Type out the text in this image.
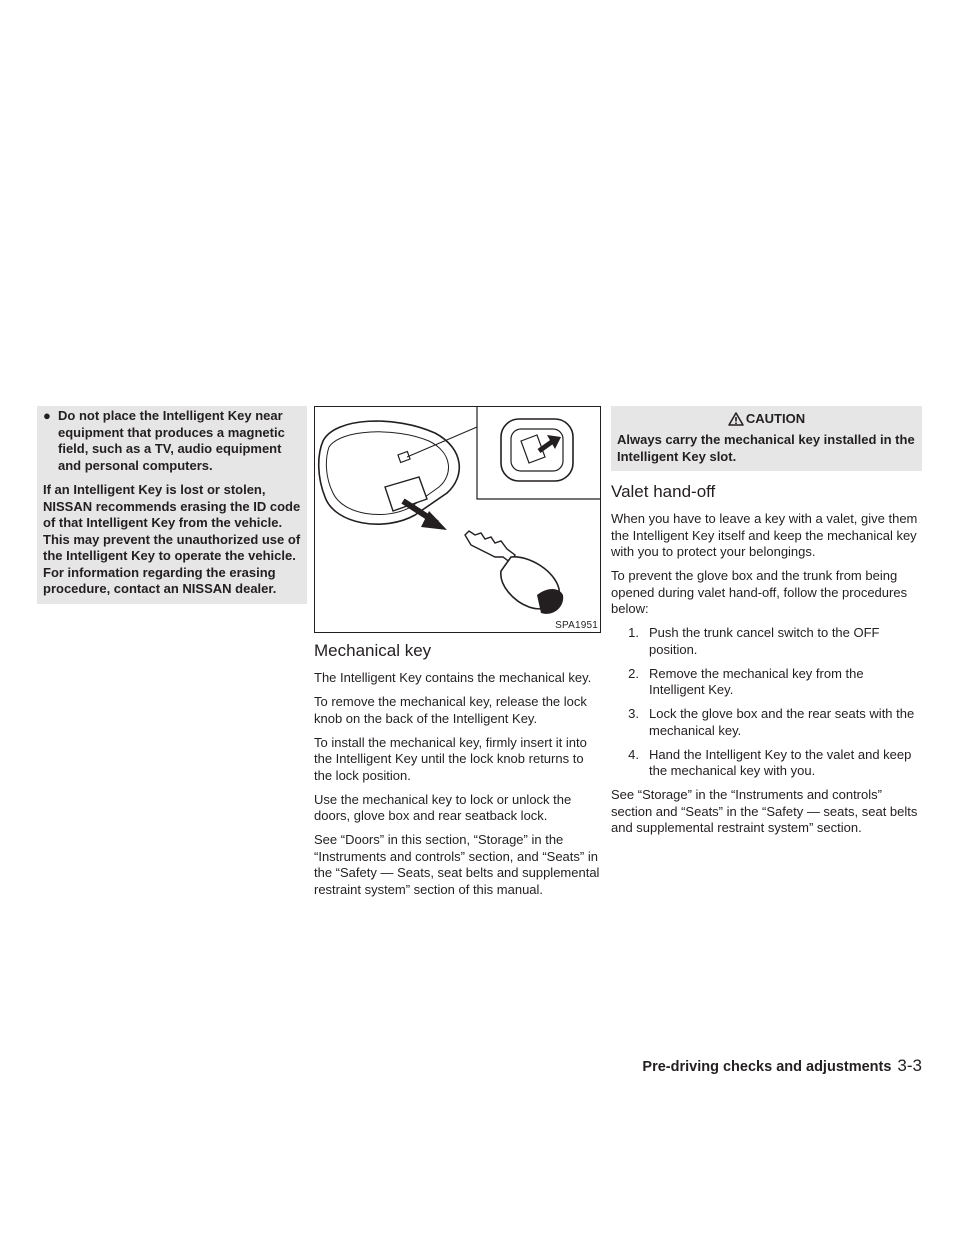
● Do not place the Intelligent Key near equipment that produces a magnetic field, such as a TV, audio equipment and personal computers.

If an Intelligent Key is lost or stolen, NISSAN recommends erasing the ID code of that Intelligent Key from the vehicle. This may prevent the unauthorized use of the Intelligent Key to operate the vehicle. For information regarding the erasing procedure, contact an NISSAN dealer.

SPA1951
Mechanical key

The Intelligent Key contains the mechanical key.

To remove the mechanical key, release the lock knob on the back of the Intelligent Key.

To install the mechanical key, firmly insert it into the Intelligent Key until the lock knob returns to the lock position.

Use the mechanical key to lock or unlock the doors, glove box and rear seatback lock.

See “Doors” in this section, “Storage” in the “Instruments and controls” section, and “Seats” in the “Safety — Seats, seat belts and supplemental restraint system” section of this manual.

CAUTION
Always carry the mechanical key installed in the Intelligent Key slot.
Valet hand-off

When you have to leave a key with a valet, give them the Intelligent Key itself and keep the mechanical key with you to protect your belongings.

To prevent the glove box and the trunk from being opened during valet hand-off, follow the procedures below:

1. Push the trunk cancel switch to the OFF position.
2. Remove the mechanical key from the Intelligent Key.
3. Lock the glove box and the rear seats with the mechanical key.
4. Hand the Intelligent Key to the valet and keep the mechanical key with you.

See “Storage” in the “Instruments and controls” section and “Seats” in the “Safety — seats, seat belts and supplemental restraint system” section.

Pre-driving checks and adjustments 3-3
